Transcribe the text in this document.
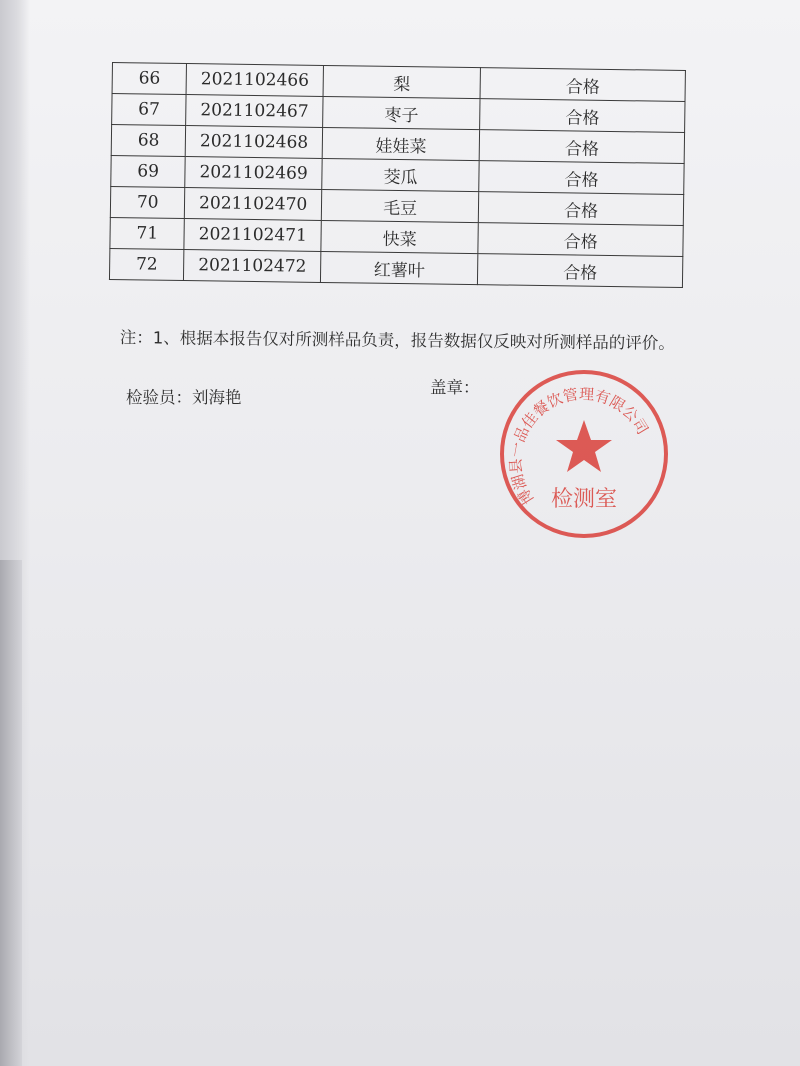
66	2021102466	梨	合格
67	2021102467	枣子	合格
68	2021102468	娃娃菜	合格
69	2021102469	茭瓜	合格
70	2021102470	毛豆	合格
71	2021102471	快菜	合格
72	2021102472	红薯叶	合格
注：1、根据本报告仅对所测样品负责，报告数据仅反映对所测样品的评价。
检验员：刘海艳
盖章：
博湖县一品佳餐饮管理有限公司
检测室
